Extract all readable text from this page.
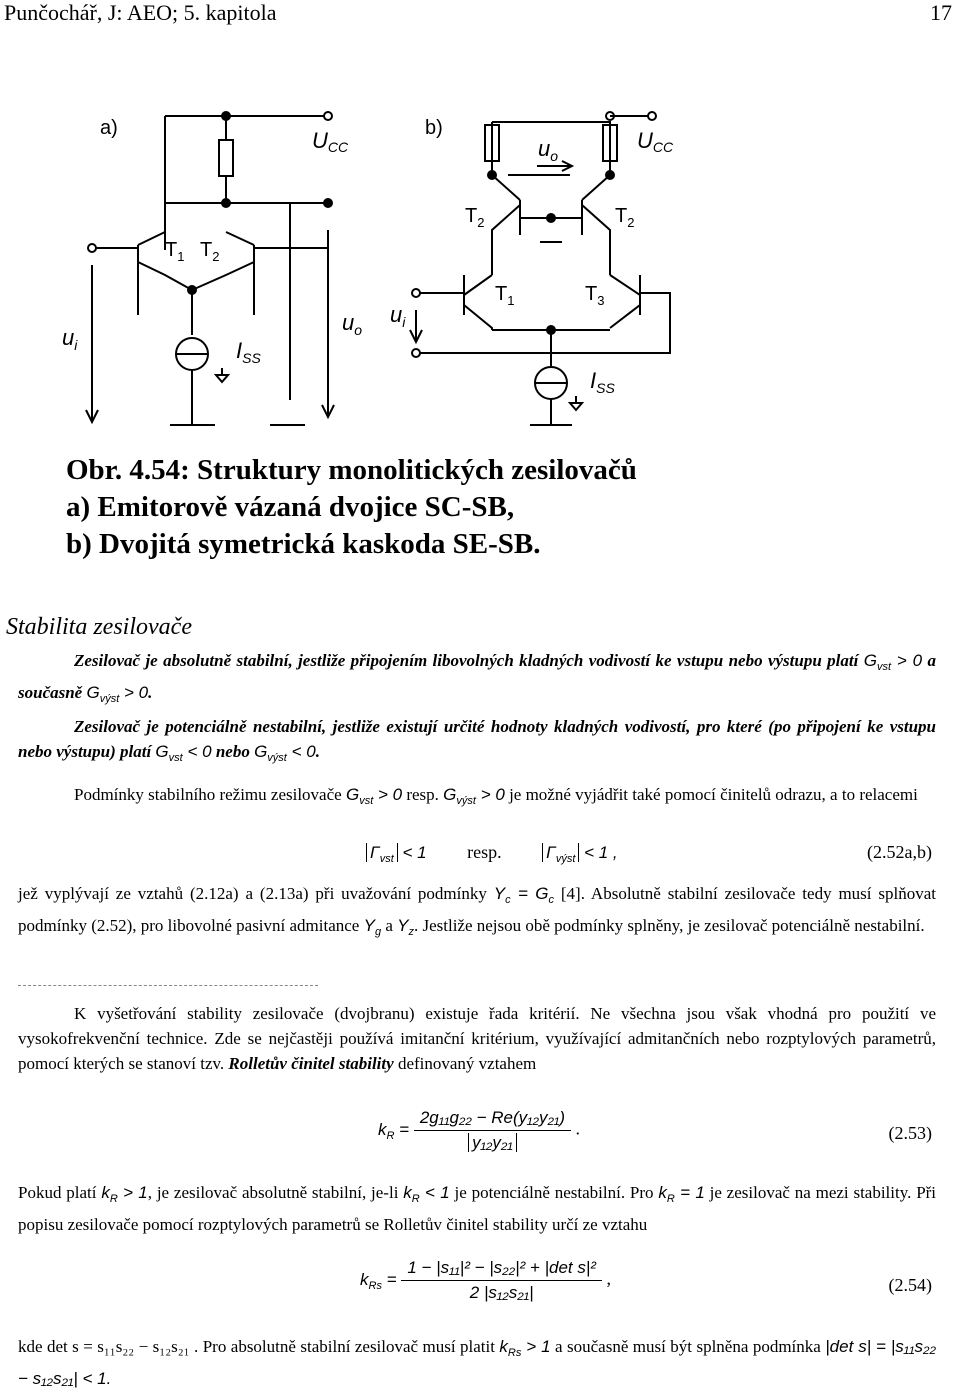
Punčochář, J: AEO; 5. kapitola	17
a)	b)
UCC	UCC
$T_1$ $T_2$
$u_i$
$u_o$
$I_{SS}$
$u_o$
$T_2$	$T_2$
$T_1$	$T_3$
$u_i$
$I_{SS}$
Obr. 4.54: Struktury monolitických zesilovačů
a) Emitorově vázaná dvojice SC-SB,
b) Dvojitá symetrická kaskoda SE-SB.
Stabilita zesilovače
Zesilovač je absolutně stabilní, jestliže připojením libovolných kladných vodivostí ke vstupu nebo výstupu platí $G_{vst} > 0$ a současně $G_{výst} > 0$.
Zesilovač je potenciálně nestabilní, jestliže existují určité hodnoty kladných vodivostí, pro které (po připojení ke vstupu nebo výstupu) platí $G_{vst} < 0$ nebo $G_{výst} < 0$.
Podmínky stabilního režimu zesilovače $G_{vst} > 0$ resp. $G_{výst} > 0$ je možné vyjádřit také pomocí činitelů odrazu, a to relacemi
$\Gamma_{vst} < 1$ resp.	$\Gamma_{výst} < 1$ ,	(2.52a,b)
jež vyplývají ze vztahů (2.12a) a (2.13a) při uvažování podmínky $Y_c = G_c$ [4]. Absolutně stabilní zesilovače tedy musí splňovat podmínky (2.52), pro libovolné pasivní admitance $Y_g$ a $Y_z$. Jestliže nejsou obě podmínky splněny, je zesilovač potenciálně nestabilní.
K vyšetřování stability zesilovače (dvojbranu) existuje řada kritérií. Ne všechna jsou však vhodná pro použití ve vysokofrekvenční technice. Zde se nejčastěji používá imitanční kritérium, využívající admitančních nebo rozptylových parametrů, pomocí kterých se stanoví tzv. Rolletův činitel stability definovaný vztahem
$k_R = \frac{\text{2g₁₁g₂₂ − Re(y₁₂y₂₁)}}{\text{y₁₂y₂₁}}$ .	(2.53)
Pokud platí $k_R > 1$, je zesilovač absolutně stabilní, je-li $k_R < 1$ je potenciálně nestabilní. Pro $k_R = 1$ je zesilovač na mezi stability. Při popisu zesilovače pomocí rozptylových parametrů se Rolletův činitel stability určí ze vztahu
$k_{Rs} = \frac{\text{1 − |s₁₁|² − |s₂₂|² + |det s|²}}{\text{2 |s₁₂s₂₁|}}$ ,	(2.54)
kde det s = s₁₁s₂₂ − s₁₂s₂₁ . Pro absolutně stabilní zesilovač musí platit $k_{Rs} > 1$ a současně musí být splněna podmínka |det s| = |s₁₁s₂₂ − s₁₂s₂₁| < 1.
